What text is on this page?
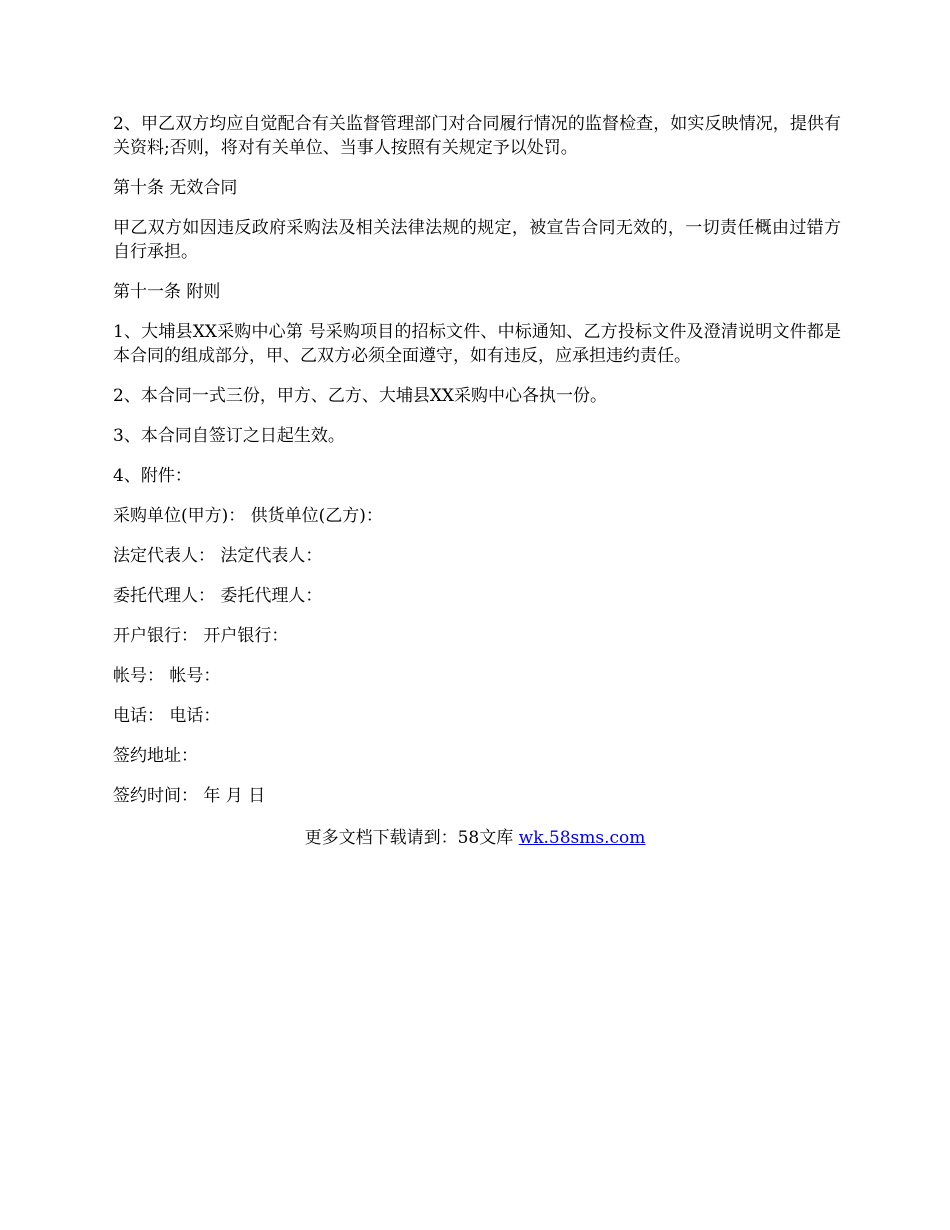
2、甲乙双方均应自觉配合有关监督管理部门对合同履行情况的监督检查，如实反映情况，提供有关资料;否则，将对有关单位、当事人按照有关规定予以处罚。

第十条 无效合同

甲乙双方如因违反政府采购法及相关法律法规的规定，被宣告合同无效的，一切责任概由过错方自行承担。

第十一条 附则

1、大埔县XX采购中心第 号采购项目的招标文件、中标通知、乙方投标文件及澄清说明文件都是本合同的组成部分，甲、乙双方必须全面遵守，如有违反，应承担违约责任。

2、本合同一式三份，甲方、乙方、大埔县XX采购中心各执一份。

3、本合同自签订之日起生效。

4、附件：

采购单位(甲方)： 供货单位(乙方)：

法定代表人： 法定代表人：

委托代理人： 委托代理人：

开户银行： 开户银行：

帐号： 帐号：

电话： 电话：

签约地址：

签约时间： 年 月 日

更多文档下载请到：58文库 wk.58sms.com
